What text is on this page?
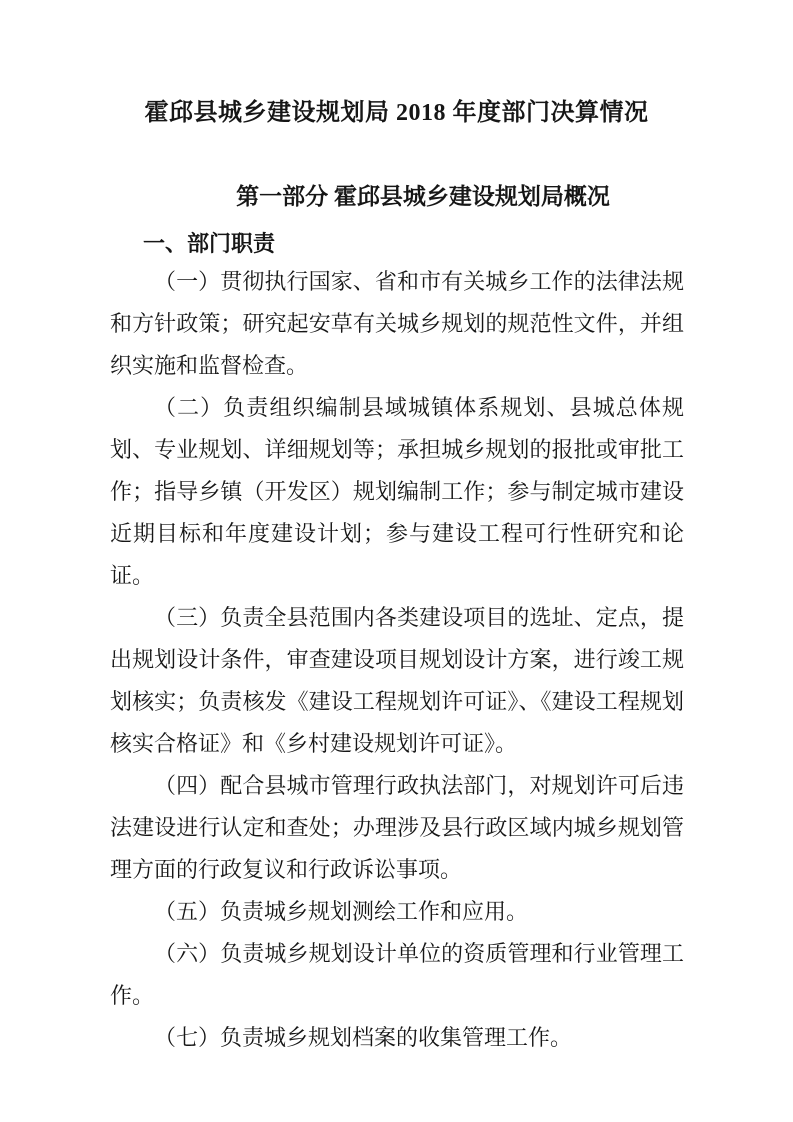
霍邱县城乡建设规划局 2018 年度部门决算情况
第一部分 霍邱县城乡建设规划局概况
一、部门职责

（一）贯彻执行国家、省和市有关城乡工作的法律法规和方针政策；研究起安草有关城乡规划的规范性文件，并组织实施和监督检查。

（二）负责组织编制县域城镇体系规划、县城总体规划、专业规划、详细规划等；承担城乡规划的报批或审批工作；指导乡镇（开发区）规划编制工作；参与制定城市建设近期目标和年度建设计划；参与建设工程可行性研究和论证。

（三）负责全县范围内各类建设项目的选址、定点，提出规划设计条件，审查建设项目规划设计方案，进行竣工规划核实；负责核发《建设工程规划许可证》、《建设工程规划核实合格证》和《乡村建设规划许可证》。

（四）配合县城市管理行政执法部门，对规划许可后违法建设进行认定和查处；办理涉及县行政区域内城乡规划管理方面的行政复议和行政诉讼事项。

（五）负责城乡规划测绘工作和应用。

（六）负责城乡规划设计单位的资质管理和行业管理工作。

（七）负责城乡规划档案的收集管理工作。
